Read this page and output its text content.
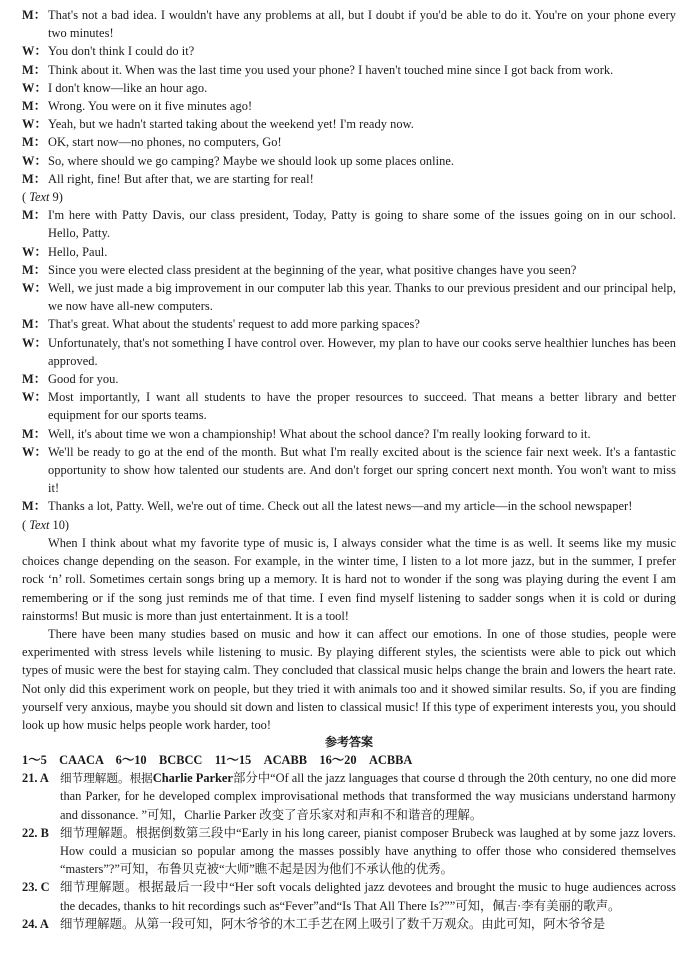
M： That's not a bad idea. I wouldn't have any problems at all, but I doubt if you'd be able to do it. You're on your phone every two minutes!
W： You don't think I could do it?
M： Think about it. When was the last time you used your phone? I haven't touched mine since I got back from work.
W： I don't know—like an hour ago.
M： Wrong. You were on it five minutes ago!
W： Yeah, but we hadn't started taking about the weekend yet! I'm ready now.
M： OK, start now—no phones, no computers, Go!
W： So, where should we go camping? Maybe we should look up some places online.
M： All right, fine! But after that, we are starting for real!
( Text 9)
M： I'm here with Patty Davis, our class president, Today, Patty is going to share some of the issues going on in our school. Hello, Patty.
W： Hello, Paul.
M： Since you were elected class president at the beginning of the year, what positive changes have you seen?
W： Well, we just made a big improvement in our computer lab this year. Thanks to our previous president and our principal help, we now have all-new computers.
M： That's great. What about the students' request to add more parking spaces?
W： Unfortunately, that's not something I have control over. However, my plan to have our cooks serve healthier lunches has been approved.
M： Good for you.
W： Most importantly, I want all students to have the proper resources to succeed. That means a better library and better equipment for our sports teams.
M： Well, it's about time we won a championship! What about the school dance? I'm really looking forward to it.
W： We'll be ready to go at the end of the month. But what I'm really excited about is the science fair next week. It's a fantastic opportunity to show how talented our students are. And don't forget our spring concert next month. You won't want to miss it!
M： Thanks a lot, Patty. Well, we're out of time. Check out all the latest news—and my article—in the school newspaper!
( Text 10)

When I think about what my favorite type of music is, I always consider what the time is as well. It seems like my music choices change depending on the season. For example, in the winter time, I listen to a lot more jazz, but in the summer, I prefer rock ‘n’ roll. Sometimes certain songs bring up a memory. It is hard not to wonder if the song was playing during the event I am remembering or if the song just reminds me of that time. I even find myself listening to sadder songs when it is cold or during rainstorms! But music is more than just entertainment. It is a tool!

There have been many studies based on music and how it can affect our emotions. In one of those studies, people were experimented with stress levels while listening to music. By playing different styles, the scientists were able to pick out which types of music were the best for staying calm. They concluded that classical music helps change the brain and lowers the heart rate. Not only did this experiment work on people, but they tried it with animals too and it showed similar results. So, if you are finding yourself very anxious, maybe you should sit down and listen to classical music! If this type of experiment interests you, you should look up how music helps people work harder, too!

参考答案
1～5　CAACA　6～10　BCBCC　11～15　ACABB　16～20　ACBBA
21. A 细节理解题。根据Charlie Parker部分中“Of all the jazz languages that course d through the 20th century, no one did more than Parker, for he developed complex improvisational methods that transformed the way musicians understand harmony and dissonance. ”可知，Charlie Parker 改变了音乐家对和声和不和谐音的理解。
22. B 细节理解题。根据倒数第三段中“Early in his long career, pianist composer Brubeck was laughed at by some jazz lovers. How could a musician so popular among the masses possibly have anything to offer those who considered themselves “masters”?”可知，布鲁贝克被“大师”瞧不起是因为他们不承认他的优秀。
23. C 细节理解题。根据最后一段中“Her soft vocals delighted jazz devotees and brought the music to huge audiences across the decades, thanks to hit recordings such as“Fever”and“Is That All There Is?””可知，佩吉·李有美丽的歌声。
24. A 细节理解题。从第一段可知，阿木爷爷的木工手艺在网上吸引了数千万观众。由此可知，阿木爷爷是
